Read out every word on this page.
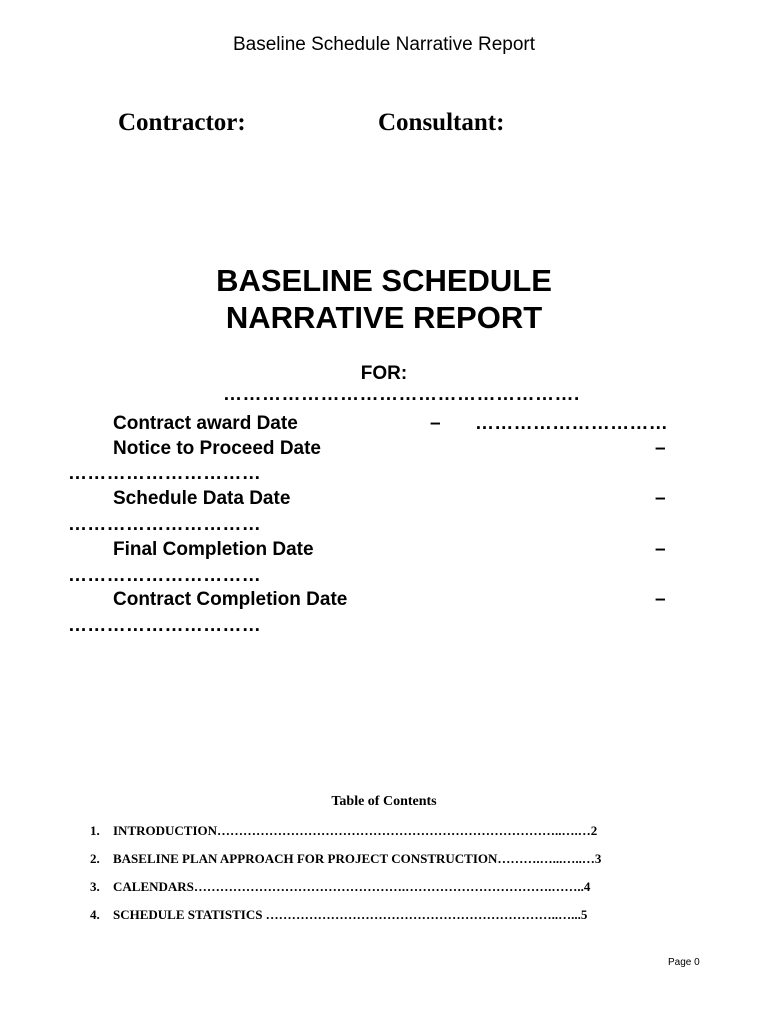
Baseline Schedule Narrative Report
Contractor:	Consultant:
BASELINE SCHEDULE
NARRATIVE REPORT
FOR:
……………………………………………….
Contract award Date	– …………………………
Notice to Proceed Date	–
…………………………
Schedule Data Date	–
…………………………
Final Completion Date	–
…………………………
Contract Completion Date	–
…………………………
Table of Contents
1.	INTRODUCTION……………………………………………………………………..….…2
2.	BASELINE PLAN APPROACH FOR PROJECT CONSTRUCTION……….…...…..…3
3.	CALENDARS………………………………………….…………………………….……..4
4.	SCHEDULE STATISTICS …………………………………………………………..…...5
Page 0
